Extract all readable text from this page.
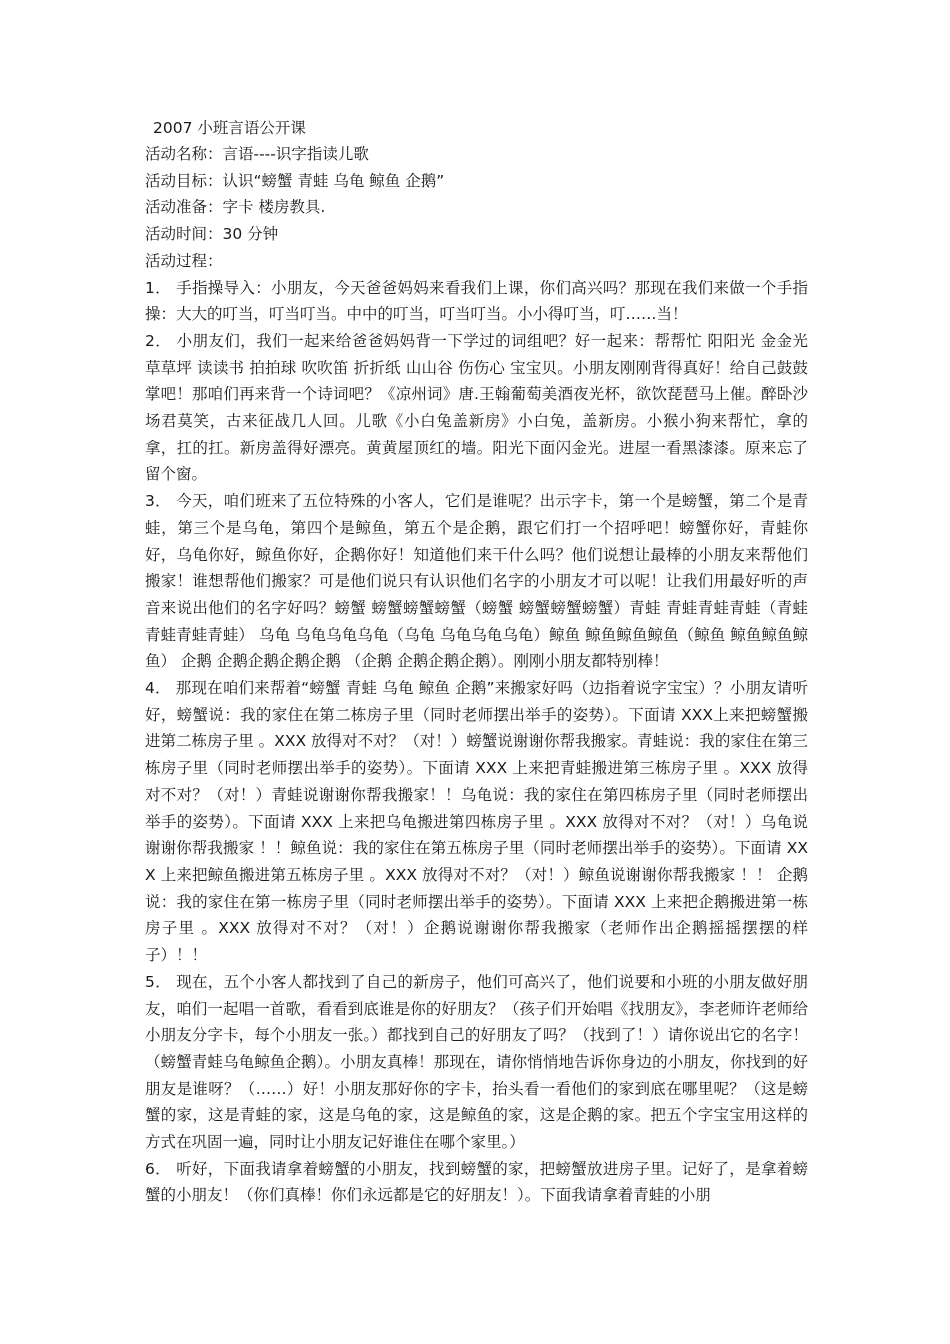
2007 小班言语公开课
活动名称：言语----识字指读儿歌
活动目标：认识“螃蟹 青蛙 乌龟 鲸鱼 企鹅”
活动准备：字卡 楼房教具.
活动时间：30 分钟
活动过程：
1． 手指操导入：小朋友，今天爸爸妈妈来看我们上课，你们高兴吗？那现在我们来做一个手指操：大大的叮当，叮当叮当。中中的叮当，叮当叮当。小小得叮当，叮……当！
2． 小朋友们，我们一起来给爸爸妈妈背一下学过的词组吧？好一起来：帮帮忙 阳阳光 金金光 草草坪 读读书 拍拍球 吹吹笛 折折纸 山山谷 伤伤心 宝宝贝。小朋友刚刚背得真好！给自己鼓鼓掌吧！那咱们再来背一个诗词吧？《凉州词》唐.王翰葡萄美酒夜光杯，欲饮琵琶马上催。醉卧沙场君莫笑，古来征战几人回。儿歌《小白兔盖新房》小白兔，盖新房。小猴小狗来帮忙，拿的拿，扛的扛。新房盖得好漂亮。黄黄屋顶红的墙。阳光下面闪金光。进屋一看黑漆漆。原来忘了留个窗。
3． 今天，咱们班来了五位特殊的小客人，它们是谁呢？出示字卡，第一个是螃蟹，第二个是青蛙，第三个是乌龟，第四个是鲸鱼，第五个是企鹅，跟它们打一个招呼吧！螃蟹你好，青蛙你好，乌龟你好，鲸鱼你好，企鹅你好！知道他们来干什么吗？他们说想让最棒的小朋友来帮他们搬家！谁想帮他们搬家？可是他们说只有认识他们名字的小朋友才可以呢！让我们用最好听的声音来说出他们的名字好吗？螃蟹 螃蟹螃蟹螃蟹（螃蟹 螃蟹螃蟹螃蟹）青蛙 青蛙青蛙青蛙（青蛙 青蛙青蛙青蛙） 乌龟 乌龟乌龟乌龟（乌龟 乌龟乌龟乌龟）鲸鱼 鲸鱼鲸鱼鲸鱼（鲸鱼 鲸鱼鲸鱼鲸鱼） 企鹅 企鹅企鹅企鹅企鹅 （企鹅 企鹅企鹅企鹅）。刚刚小朋友都特别棒！
4． 那现在咱们来帮着“螃蟹 青蛙 乌龟 鲸鱼 企鹅”来搬家好吗（边指着说字宝宝）？小朋友请听好，螃蟹说：我的家住在第二栋房子里（同时老师摆出举手的姿势）。下面请 XXX上来把螃蟹搬进第二栋房子里 。XXX 放得对不对？（对！）螃蟹说谢谢你帮我搬家。青蛙说：我的家住在第三栋房子里（同时老师摆出举手的姿势）。下面请 XXX 上来把青蛙搬进第三栋房子里 。XXX 放得对不对？（对！）青蛙说谢谢你帮我搬家！！乌龟说：我的家住在第四栋房子里（同时老师摆出举手的姿势）。下面请 XXX 上来把乌龟搬进第四栋房子里 。XXX 放得对不对？（对！）乌龟说谢谢你帮我搬家 ！！鲸鱼说：我的家住在第五栋房子里（同时老师摆出举手的姿势）。下面请 XXX 上来把鲸鱼搬进第五栋房子里 。XXX 放得对不对？（对！）鲸鱼说谢谢你帮我搬家 ！！ 企鹅说：我的家住在第一栋房子里（同时老师摆出举手的姿势）。下面请 XXX 上来把企鹅搬进第一栋房子里 。XXX 放得对不对？（对！）企鹅说谢谢你帮我搬家（老师作出企鹅摇摇摆摆的样子）！！
5． 现在，五个小客人都找到了自己的新房子，他们可高兴了，他们说要和小班的小朋友做好朋友，咱们一起唱一首歌，看看到底谁是你的好朋友？（孩子们开始唱《找朋友》，李老师许老师给小朋友分字卡，每个小朋友一张。）都找到自己的好朋友了吗？（找到了！）请你说出它的名字！（螃蟹青蛙乌龟鲸鱼企鹅）。小朋友真棒！那现在，请你悄悄地告诉你身边的小朋友，你找到的好朋友是谁呀？（……）好！小朋友那好你的字卡，抬头看一看他们的家到底在哪里呢？（这是螃蟹的家，这是青蛙的家，这是乌龟的家，这是鲸鱼的家，这是企鹅的家。把五个字宝宝用这样的方式在巩固一遍，同时让小朋友记好谁住在哪个家里。）
6． 听好，下面我请拿着螃蟹的小朋友，找到螃蟹的家，把螃蟹放进房子里。记好了，是拿着螃蟹的小朋友！（你们真棒！你们永远都是它的好朋友！）。下面我请拿着青蛙的小朋
